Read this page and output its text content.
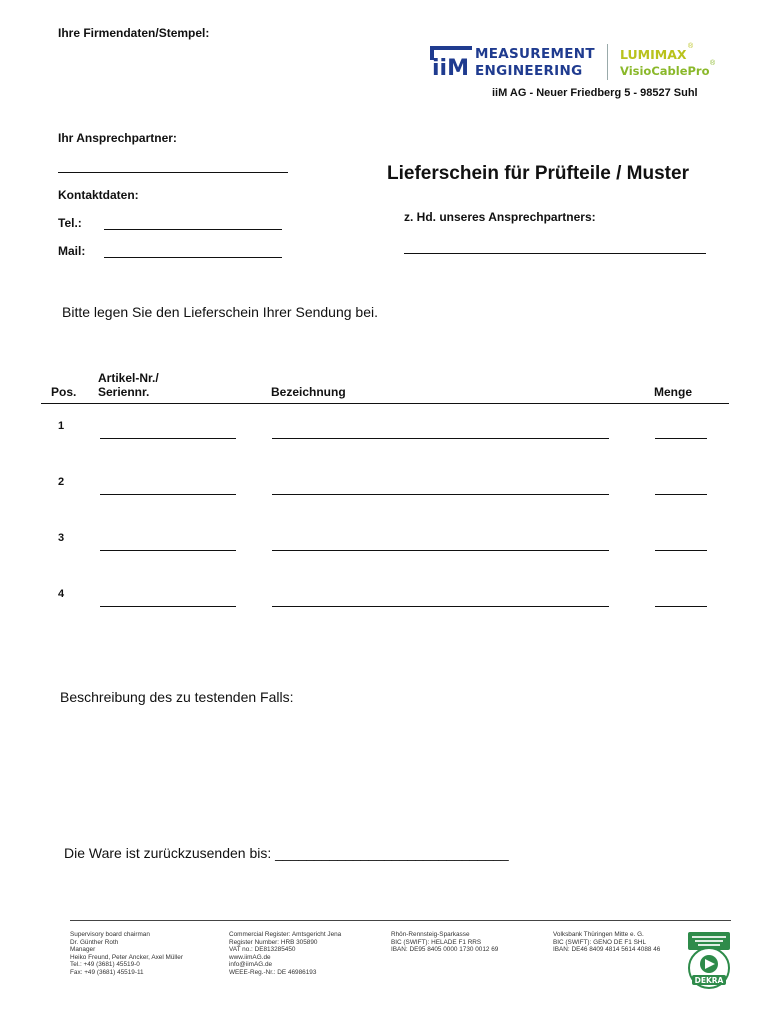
Ihre Firmendaten/Stempel:
iiM
MEASUREMENT
ENGINEERING
LUMIMAX
®
VisioCablePro
®
iiM AG - Neuer Friedberg 5 - 98527 Suhl
Ihr Ansprechpartner:
Kontaktdaten:
Tel.:
Mail:
Lieferschein für Prüfteile / Muster
z. Hd. unseres Ansprechpartners:
Bitte legen Sie den Lieferschein Ihrer Sendung bei.
Pos.
Artikel-Nr./
Seriennr.	Bezeichnung	Menge
1
2
3
4
Beschreibung des zu testenden Falls:
Die Ware ist zurückzusenden bis: ______________________________
Supervisory board chairman
Dr. Günther Roth
Manager
Heiko Freund, Peter Ancker, Axel Müller
Tel.: +49 (3681) 45519-0
Fax: +49 (3681) 45519-11
Commercial Register: Amtsgericht Jena
Register Number: HRB 305890
VAT no.: DE813285450
www.iimAG.de
info@iimAG.de
WEEE-Reg.-Nr.: DE 46986193
Rhön-Rennsteig-Sparkasse
BIC (SWIFT): HELADE F1 RRS
IBAN: DE95 8405 0000 1730 0012 69
Volksbank Thüringen Mitte e. G.
BIC (SWIFT): GENO DE F1 SHL
IBAN: DE46 8409 4814 5614 4088 46
DEKRA
